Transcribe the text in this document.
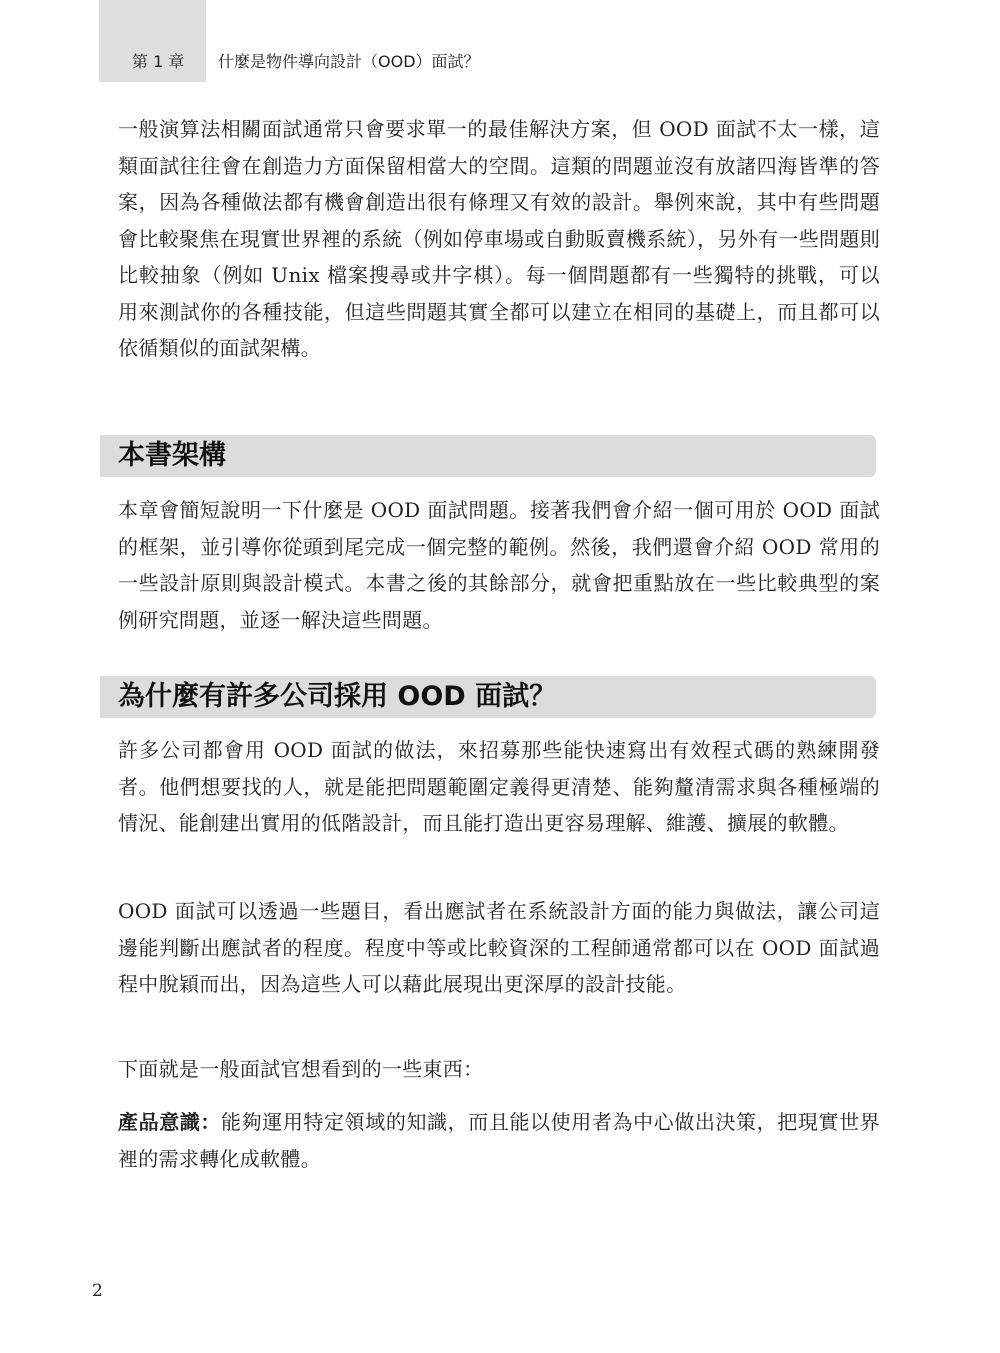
第 1 章	什麼是物件導向設計（OOD）面試？

一般演算法相關面試通常只會要求單一的最佳解決方案，但 OOD 面試不太一樣，這類面試往往會在創造力方面保留相當大的空間。這類的問題並沒有放諸四海皆準的答案，因為各種做法都有機會創造出很有條理又有效的設計。舉例來說，其中有些問題會比較聚焦在現實世界裡的系統（例如停車場或自動販賣機系統），另外有一些問題則比較抽象（例如 Unix 檔案搜尋或井字棋）。每一個問題都有一些獨特的挑戰，可以用來測試你的各種技能，但這些問題其實全都可以建立在相同的基礎上，而且都可以依循類似的面試架構。

本書架構

本章會簡短說明一下什麼是 OOD 面試問題。接著我們會介紹一個可用於 OOD 面試的框架，並引導你從頭到尾完成一個完整的範例。然後，我們還會介紹 OOD 常用的一些設計原則與設計模式。本書之後的其餘部分，就會把重點放在一些比較典型的案例研究問題，並逐一解決這些問題。

為什麼有許多公司採用 OOD 面試？

許多公司都會用 OOD 面試的做法，來招募那些能快速寫出有效程式碼的熟練開發者。他們想要找的人，就是能把問題範圍定義得更清楚、能夠釐清需求與各種極端的情況、能創建出實用的低階設計，而且能打造出更容易理解、維護、擴展的軟體。

OOD 面試可以透過一些題目，看出應試者在系統設計方面的能力與做法，讓公司這邊能判斷出應試者的程度。程度中等或比較資深的工程師通常都可以在 OOD 面試過程中脫穎而出，因為這些人可以藉此展現出更深厚的設計技能。

下面就是一般面試官想看到的一些東西：

產品意識：能夠運用特定領域的知識，而且能以使用者為中心做出決策，把現實世界裡的需求轉化成軟體。

2
